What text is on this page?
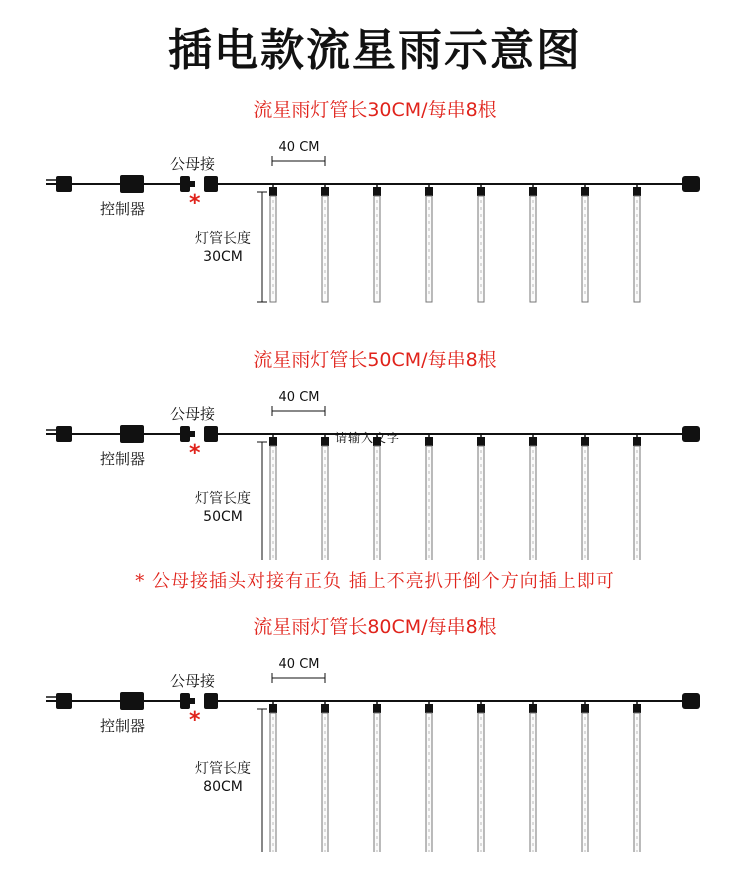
插电款流星雨示意图
流星雨灯管长30CM/每串8根
40 CM
公母接
控制器 *
灯管长度
30CM
流星雨灯管长50CM/每串8根
40 CM
公母接
控制器 *
请输入文字
灯管长度
50CM
* 公母接插头对接有正负 插上不亮扒开倒个方向插上即可
流星雨灯管长80CM/每串8根
40 CM
公母接
控制器 *
灯管长度
80CM
